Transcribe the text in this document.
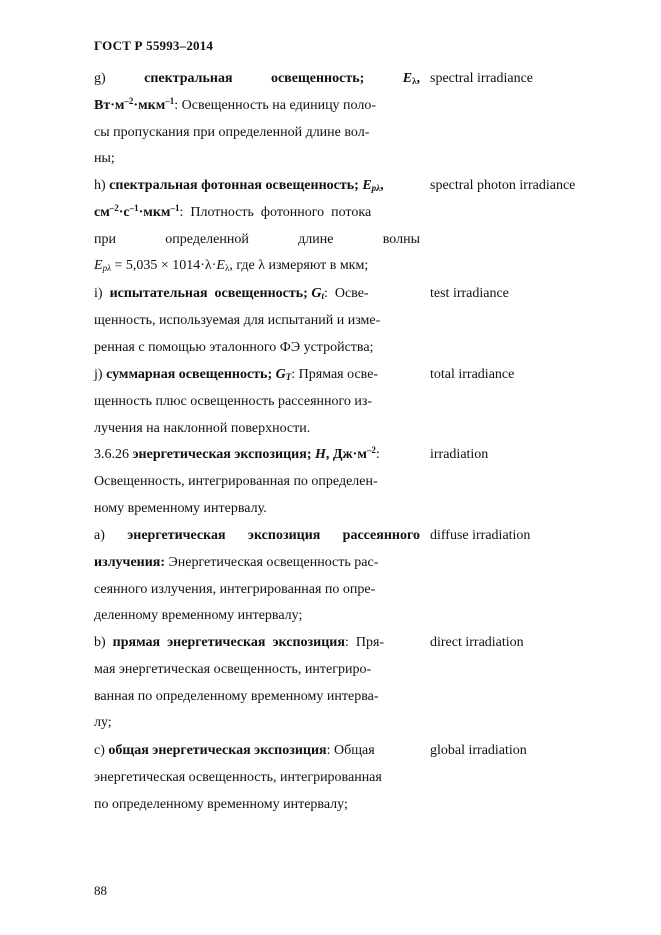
ГОСТ Р 55993–2014
g)	спектральная	освещенность;	$E_\lambda$,
$Вт\cdot м^{-2}\cdot мкм^{-1}$: Освещенность на единицу поло-
сы пропускания при определенной длине вол-
ны;
spectral irradiance
h) спектральная фотонная освещенность; $E_{p\lambda}$,
$см^{-2}\cdot с^{-1}\cdot мкм^{-1}$:  Плотность  фотонного  потока
при	определенной	длине	волны
$E_{p\lambda} = 5,035 \times 1014\cdot\lambda\cdot E_\lambda$, где λ измеряют в мкм;
spectral photon irradiance
i)  испытательная  освещенность; $G_t$:  Осве-
щенность, используемая для испытаний и изме-
ренная с помощью эталонного ФЭ устройства;
test irradiance
j) суммарная освещенность; $G_T$: Прямая осве-
щенность плюс освещенность рассеянного из-
лучения на наклонной поверхности.
total irradiance
3.6.26 энергетическая экспозиция; H, $Дж\cdot м^{-2}$:
Освещенность, интегрированная по определен-
ному временному интервалу.
irradiation
а) энергетическая экспозиция рассеянного
излучения: Энергетическая освещенность рас-
сеянного излучения, интегрированная по опре-
деленному временному интервалу;
diffuse irradiation
b)  прямая  энергетическая  экспозиция:  Пря-
мая энергетическая освещенность, интегриро-
ванная по определенному временному интерва-
лу;
direct irradiation
c) общая энергетическая экспозиция: Общая
энергетическая освещенность, интегрированная
по определенному временному интервалу;
global irradiation
88
